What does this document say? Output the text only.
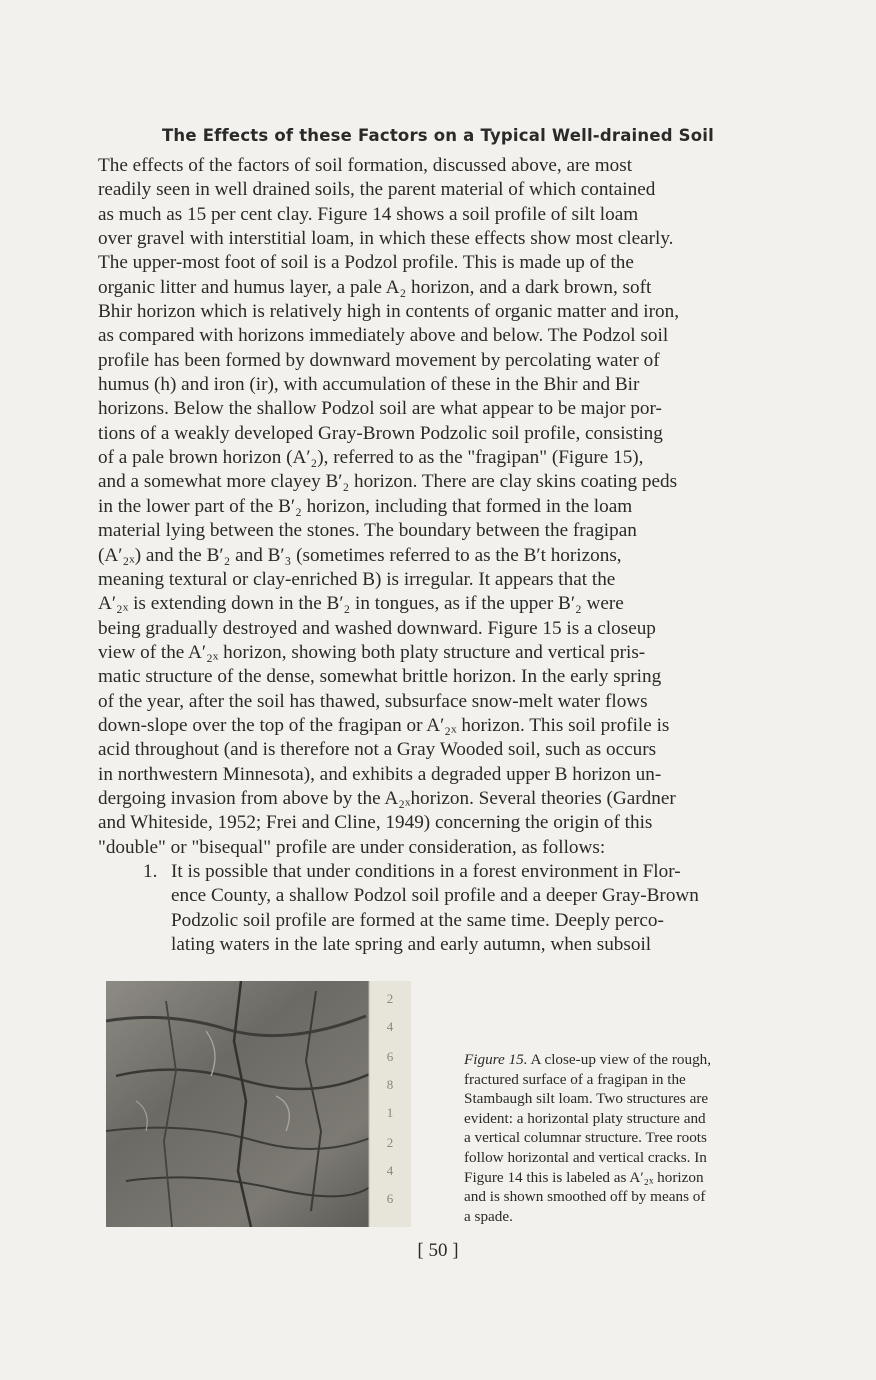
The Effects of these Factors on a Typical Well-drained Soil
The effects of the factors of soil formation, discussed above, are most
readily seen in well drained soils, the parent material of which contained
as much as 15 per cent clay. Figure 14 shows a soil profile of silt loam
over gravel with interstitial loam, in which these effects show most clearly.
The upper-most foot of soil is a Podzol profile. This is made up of the
organic litter and humus layer, a pale A₂ horizon, and a dark brown, soft
Bhir horizon which is relatively high in contents of organic matter and iron,
as compared with horizons immediately above and below. The Podzol soil
profile has been formed by downward movement by percolating water of
humus (h) and iron (ir), with accumulation of these in the Bhir and Bir
horizons. Below the shallow Podzol soil are what appear to be major por-
tions of a weakly developed Gray-Brown Podzolic soil profile, consisting
of a pale brown horizon (A′₂), referred to as the "fragipan" (Figure 15),
and a somewhat more clayey B′₂ horizon. There are clay skins coating peds
in the lower part of the B′₂ horizon, including that formed in the loam
material lying between the stones. The boundary between the fragipan
(A′₂ₓ) and the B′₂ and B′₃ (sometimes referred to as the B′t horizons,
meaning textural or clay-enriched B) is irregular. It appears that the
A′₂ₓ is extending down in the B′₂ in tongues, as if the upper B′₂ were
being gradually destroyed and washed downward. Figure 15 is a closeup
view of the A′₂ₓ horizon, showing both platy structure and vertical pris-
matic structure of the dense, somewhat brittle horizon. In the early spring
of the year, after the soil has thawed, subsurface snow-melt water flows
down-slope over the top of the fragipan or A′₂ₓ horizon. This soil profile is
acid throughout (and is therefore not a Gray Wooded soil, such as occurs
in northwestern Minnesota), and exhibits a degraded upper B horizon un-
dergoing invasion from above by the A₂ₓhorizon. Several theories (Gardner
and Whiteside, 1952; Frei and Cline, 1949) concerning the origin of this
"double" or "bisequal" profile are under consideration, as follows:
1. It is possible that under conditions in a forest environment in Flor-
ence County, a shallow Podzol soil profile and a deeper Gray-Brown
Podzolic soil profile are formed at the same time. Deeply perco-
lating waters in the late spring and early autumn, when subsoil
2
4
6
8
1
2
4
6
Figure 15. A close-up view of the rough,
fractured surface of a fragipan in the
Stambaugh silt loam. Two structures are
evident: a horizontal platy structure and
a vertical columnar structure. Tree roots
follow horizontal and vertical cracks. In
Figure 14 this is labeled as A′₂ₓ horizon
and is shown smoothed off by means of
a spade.
[ 50 ]
